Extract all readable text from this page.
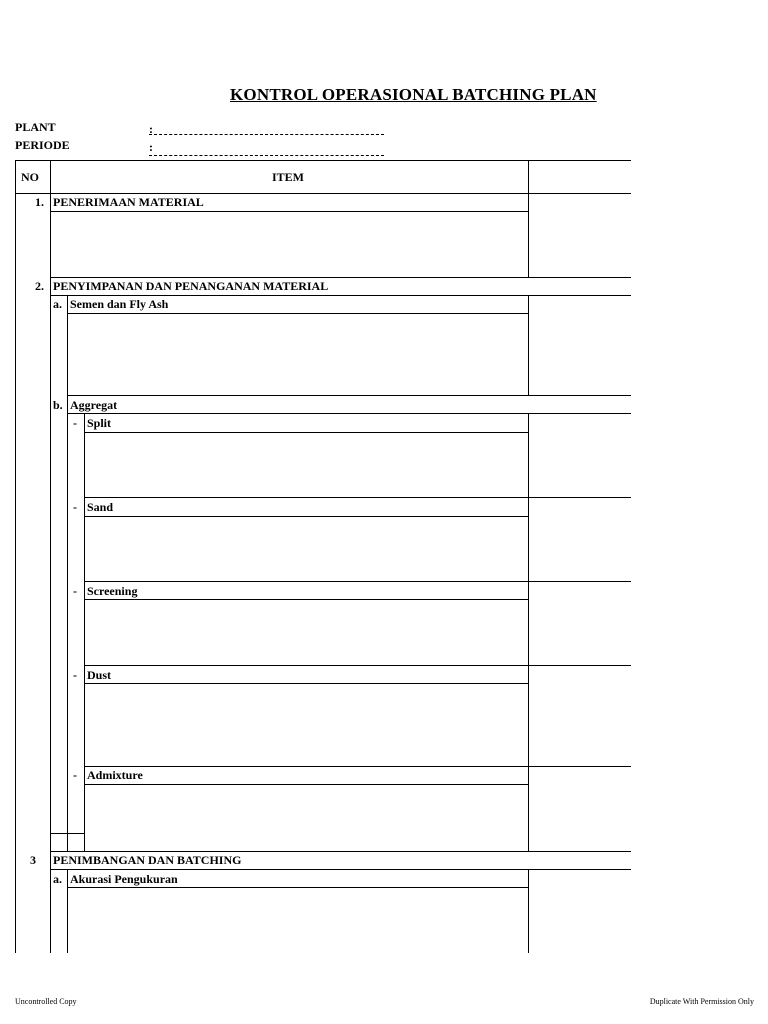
KONTROL OPERASIONAL BATCHING PLAN
PLANT	:
PERIODE	:
NO	ITEM
1. PENERIMAAN MATERIAL
2. PENYIMPANAN DAN PENANGANAN MATERIAL
a. Semen dan Fly Ash
b. Aggregat
- Split
- Sand
- Screening
- Dust
- Admixture
3 PENIMBANGAN DAN BATCHING
a. Akurasi Pengukuran
Uncontrolled Copy	Duplicate With Permission Only
